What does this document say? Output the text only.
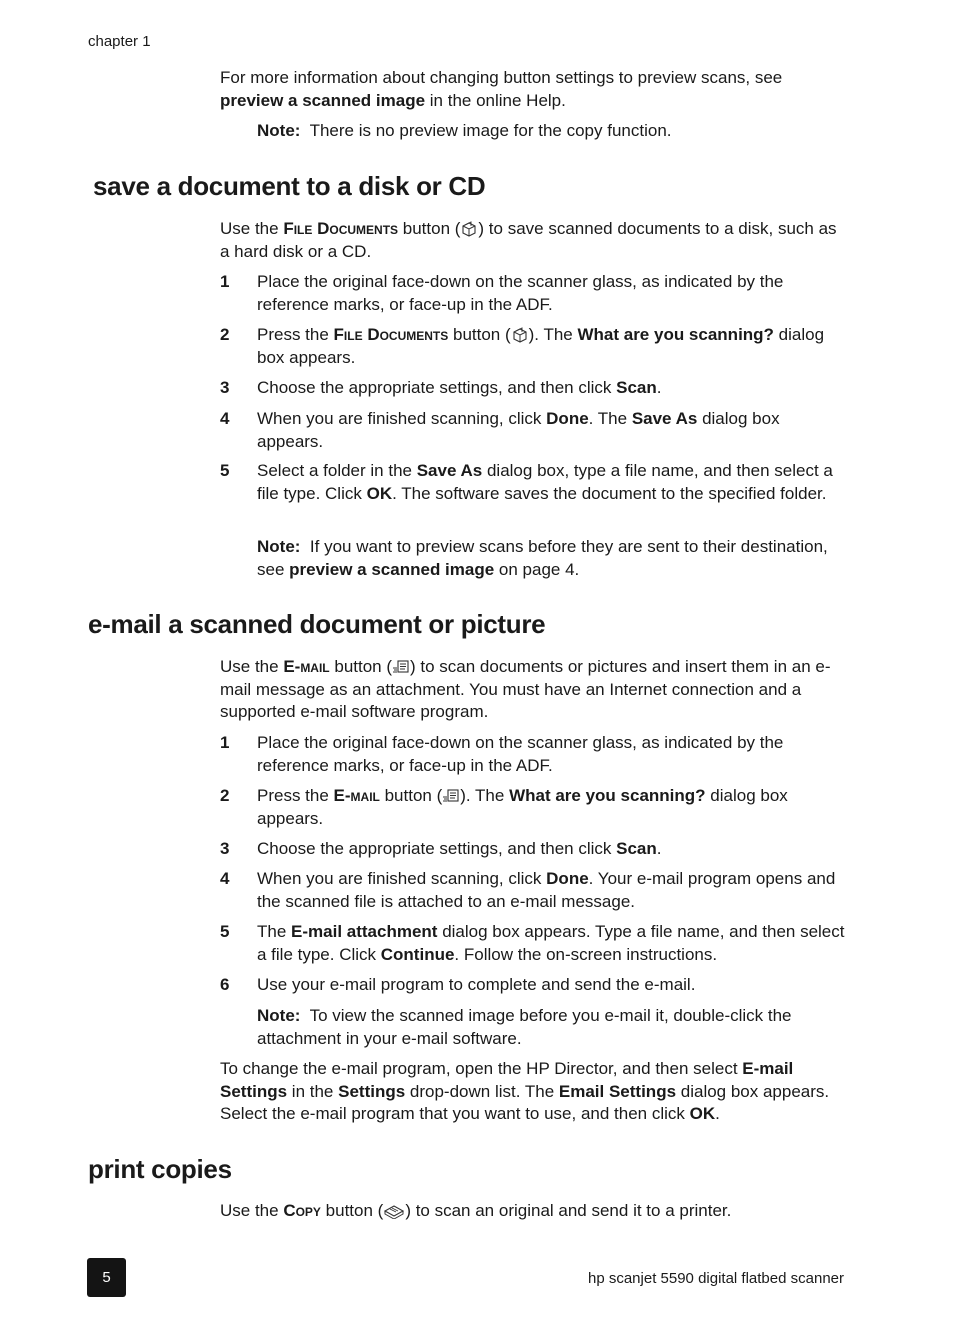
chapter 1
For more information about changing button settings to preview scans, see
preview a scanned image in the online Help.
Note: There is no preview image for the copy function.
save a document to a disk or CD
Use the File Documents button ( ) to save scanned documents to a disk, such as a hard disk or a CD.
1 Place the original face-down on the scanner glass, as indicated by the reference marks, or face-up in the ADF.
2 Press the File Documents button ( ). The What are you scanning? dialog box appears.
3 Choose the appropriate settings, and then click Scan.
4 When you are finished scanning, click Done. The Save As dialog box appears.
5 Select a folder in the Save As dialog box, type a file name, and then select a file type. Click OK. The software saves the document to the specified folder.
Note: If you want to preview scans before they are sent to their destination, see preview a scanned image on page 4.
e-mail a scanned document or picture
Use the E-mail button ( ) to scan documents or pictures and insert them in an e-mail message as an attachment. You must have an Internet connection and a supported e-mail software program.
1 Place the original face-down on the scanner glass, as indicated by the reference marks, or face-up in the ADF.
2 Press the E-mail button ( ). The What are you scanning? dialog box appears.
3 Choose the appropriate settings, and then click Scan.
4 When you are finished scanning, click Done. Your e-mail program opens and the scanned file is attached to an e-mail message.
5 The E-mail attachment dialog box appears. Type a file name, and then select a file type. Click Continue. Follow the on-screen instructions.
6 Use your e-mail program to complete and send the e-mail.
Note: To view the scanned image before you e-mail it, double-click the attachment in your e-mail software.
To change the e-mail program, open the HP Director, and then select E-mail Settings in the Settings drop-down list. The Email Settings dialog box appears. Select the e-mail program that you want to use, and then click OK.
print copies
Use the Copy button ( ) to scan an original and send it to a printer.
5	hp scanjet 5590 digital flatbed scanner
